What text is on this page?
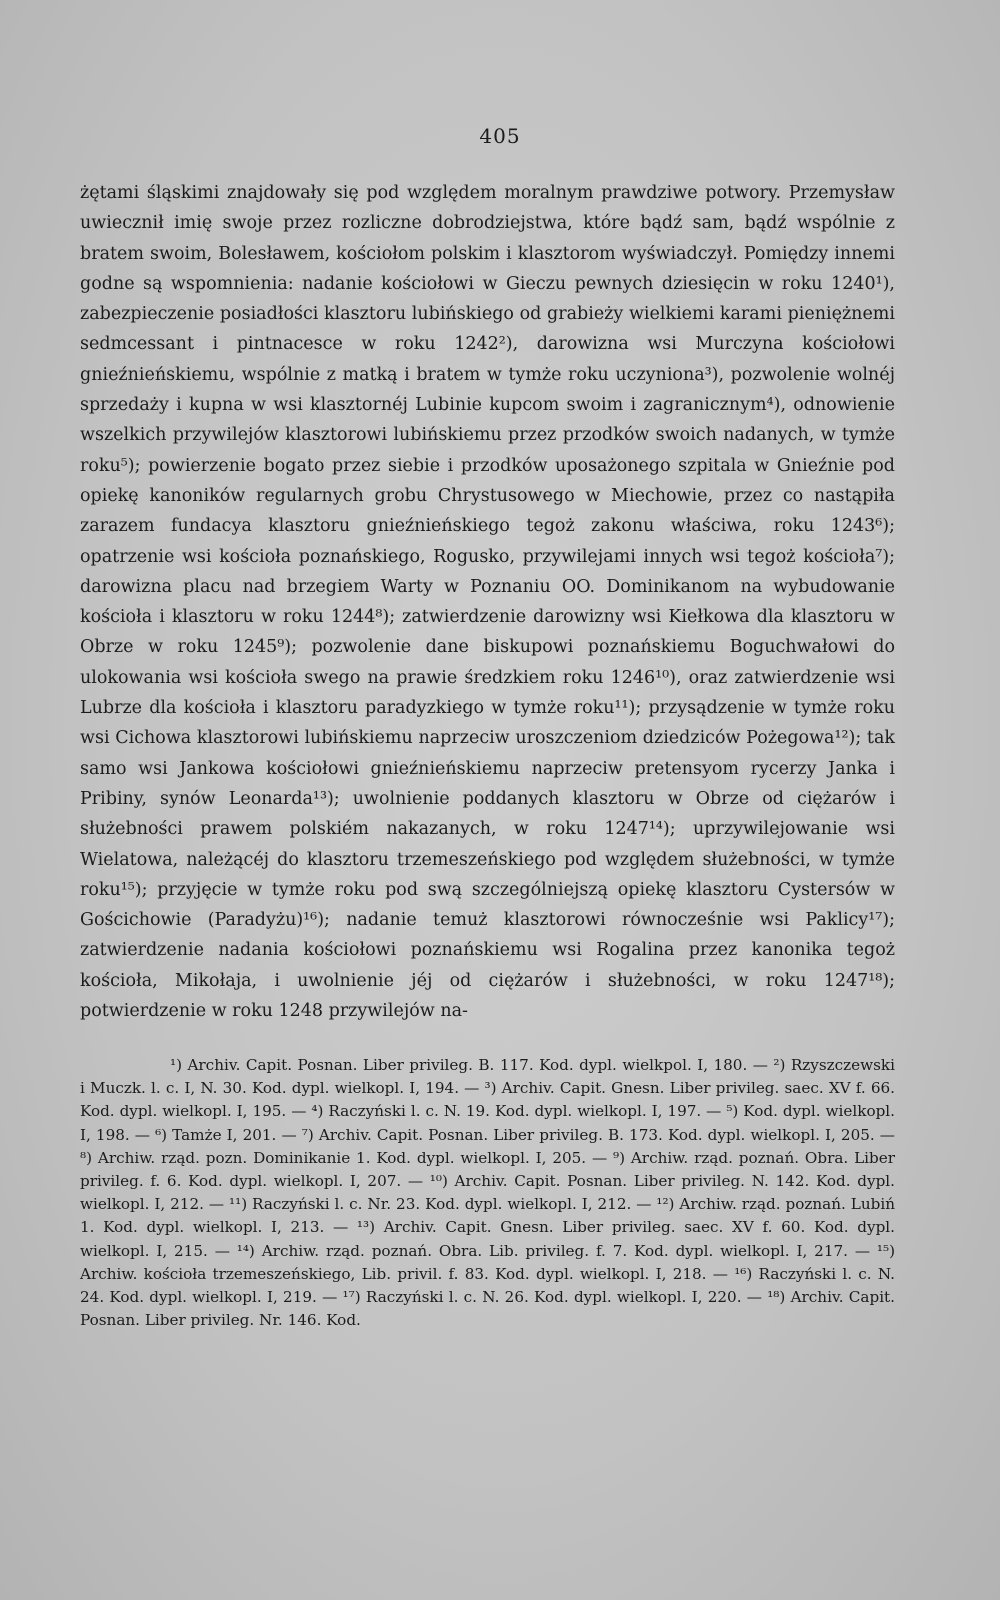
405

żętami śląskimi znajdowały się pod względem moralnym prawdziwe potwory. Przemysław uwiecznił imię swoje przez rozliczne dobrodziejstwa, które bądź sam, bądź wspólnie z bratem swoim, Bolesławem, kościołom polskim i klasztorom wyświadczył. Pomiędzy innemi godne są wspomnienia: nadanie kościołowi w Gieczu pewnych dziesięcin w roku 1240¹), zabezpieczenie posiadłości klasztoru lubińskiego od grabieży wielkiemi karami pieniężnemi sedmcessant i pintnacesce w roku 1242²), darowizna wsi Murczyna kościołowi gnieźnieńskiemu, wspólnie z matką i bratem w tymże roku uczyniona³), pozwolenie wolnéj sprzedaży i kupna w wsi klasztornéj Lubinie kupcom swoim i zagranicznym⁴), odnowienie wszelkich przywilejów klasztorowi lubińskiemu przez przodków swoich nadanych, w tymże roku⁵); powierzenie bogato przez siebie i przodków uposażonego szpitala w Gnieźnie pod opiekę kanoników regularnych grobu Chrystusowego w Miechowie, przez co nastąpiła zarazem fundacya klasztoru gnieźnieńskiego tegoż zakonu właściwa, roku 1243⁶); opatrzenie wsi kościoła poznańskiego, Rogusko, przywilejami innych wsi tegoż kościoła⁷); darowizna placu nad brzegiem Warty w Poznaniu OO. Dominikanom na wybudowanie kościoła i klasztoru w roku 1244⁸); zatwierdzenie darowizny wsi Kiełkowa dla klasztoru w Obrze w roku 1245⁹); pozwolenie dane biskupowi poznańskiemu Boguchwałowi do ulokowania wsi kościoła swego na prawie średzkiem roku 1246¹⁰), oraz zatwierdzenie wsi Lubrze dla kościoła i klasztoru paradyzkiego w tymże roku¹¹); przysądzenie w tymże roku wsi Cichowa klasztorowi lubińskiemu naprzeciw uroszczeniom dziedziców Pożegowa¹²); tak samo wsi Jankowa kościołowi gnieźnieńskiemu naprzeciw pretensyom rycerzy Janka i Pribiny, synów Leonarda¹³); uwolnienie poddanych klasztoru w Obrze od ciężarów i służebności prawem polskiém nakazanych, w roku 1247¹⁴); uprzywilejowanie wsi Wielatowa, należącéj do klasztoru trzemeszeńskiego pod względem służebności, w tymże roku¹⁵); przyjęcie w tymże roku pod swą szczególniejszą opiekę klasztoru Cystersów w Gościchowie (Paradyżu)¹⁶); nadanie temuż klasztorowi równocześnie wsi Paklicy¹⁷); zatwierdzenie nadania kościołowi poznańskiemu wsi Rogalina przez kanonika tegoż kościoła, Mikołaja, i uwolnienie jéj od ciężarów i służebności, w roku 1247¹⁸); potwierdzenie w roku 1248 przywilejów na-

¹) Archiv. Capit. Posnan. Liber privileg. B. 117. Kod. dypl. wielkpol. I, 180. — ²) Rzyszczewski i Muczk. l. c. I, N. 30. Kod. dypl. wielkopl. I, 194. — ³) Archiv. Capit. Gnesn. Liber privileg. saec. XV f. 66. Kod. dypl. wielkopl. I, 195. — ⁴) Raczyński l. c. N. 19. Kod. dypl. wielkopl. I, 197. — ⁵) Kod. dypl. wielkopl. I, 198. — ⁶) Tamże I, 201. — ⁷) Archiv. Capit. Posnan. Liber privileg. B. 173. Kod. dypl. wielkopl. I, 205. — ⁸) Archiw. rząd. pozn. Dominikanie 1. Kod. dypl. wielkopl. I, 205. — ⁹) Archiw. rząd. poznań. Obra. Liber privileg. f. 6. Kod. dypl. wielkopl. I, 207. — ¹⁰) Archiv. Capit. Posnan. Liber privileg. N. 142. Kod. dypl. wielkopl. I, 212. — ¹¹) Raczyński l. c. Nr. 23. Kod. dypl. wielkopl. I, 212. — ¹²) Archiw. rząd. poznań. Lubiń 1. Kod. dypl. wielkopl. I, 213. — ¹³) Archiv. Capit. Gnesn. Liber privileg. saec. XV f. 60. Kod. dypl. wielkopl. I, 215. — ¹⁴) Archiw. rząd. poznań. Obra. Lib. privileg. f. 7. Kod. dypl. wielkopl. I, 217. — ¹⁵) Archiw. kościoła trzemeszeńskiego, Lib. privil. f. 83. Kod. dypl. wielkopl. I, 218. — ¹⁶) Raczyński l. c. N. 24. Kod. dypl. wielkopl. I, 219. — ¹⁷) Raczyński l. c. N. 26. Kod. dypl. wielkopl. I, 220. — ¹⁸) Archiv. Capit. Posnan. Liber privileg. Nr. 146. Kod.
